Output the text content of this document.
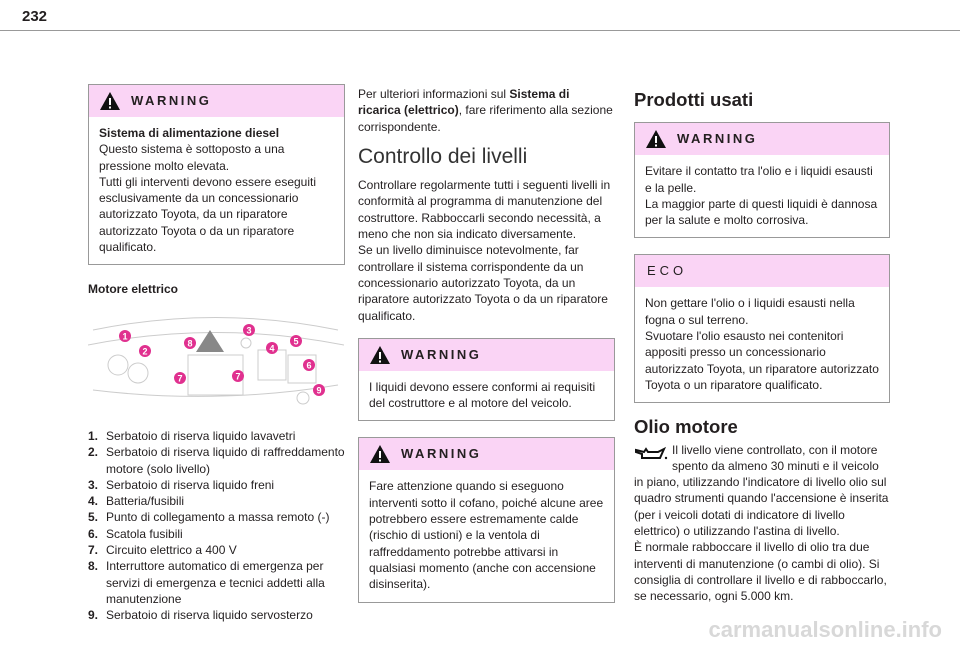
232
WARNING

Sistema di alimentazione diesel

Questo sistema è sottoposto a una pressione molto elevata.

Tutti gli interventi devono essere eseguiti esclusivamente da un concessionario autorizzato Toyota, da un riparatore autorizzato Toyota o da un riparatore qualificato.

Motore elettrico

1
2
3
4
5
6
7	7
8
9
1. Serbatoio di riserva liquido lavavetri
2. Serbatoio di riserva liquido di raffreddamento motore (solo livello)
3. Serbatoio di riserva liquido freni
4. Batteria/fusibili
5. Punto di collegamento a massa remoto (-)
6. Scatola fusibili
7. Circuito elettrico a 400 V
8. Interruttore automatico di emergenza per servizi di emergenza e tecnici addetti alla manutenzione
9. Serbatoio di riserva liquido servosterzo

Per ulteriori informazioni sul Sistema di ricarica (elettrico), fare riferimento alla sezione corrispondente.

Controllo dei livelli

Controllare regolarmente tutti i seguenti livelli in conformità al programma di manutenzione del costruttore. Rabboccarli secondo necessità, a meno che non sia indicato diversamente.

Se un livello diminuisce notevolmente, far controllare il sistema corrispondente da un concessionario autorizzato Toyota, da un riparatore autorizzato Toyota o da un riparatore qualificato.

WARNING

I liquidi devono essere conformi ai requisiti del costruttore e al motore del veicolo.

WARNING

Fare attenzione quando si eseguono interventi sotto il cofano, poiché alcune aree potrebbero essere estremamente calde (rischio di ustioni) e la ventola di raffreddamento potrebbe attivarsi in qualsiasi momento (anche con accensione disinserita).

Prodotti usati
WARNING

Evitare il contatto tra l'olio e i liquidi esausti e la pelle.

La maggior parte di questi liquidi è dannosa per la salute e molto corrosiva.

ECO

Non gettare l'olio o i liquidi esausti nella fogna o sul terreno.

Svuotare l'olio esausto nei contenitori appositi presso un concessionario autorizzato Toyota, un riparatore autorizzato Toyota o un riparatore qualificato.

Olio motore

Il livello viene controllato, con il motore spento da almeno 30 minuti e il veicolo in piano, utilizzando l'indicatore di livello olio sul quadro strumenti quando l'accensione è inserita (per i veicoli dotati di indicatore di livello elettrico) o utilizzando l'astina di livello.

È normale rabboccare il livello di olio tra due interventi di manutenzione (o cambi di olio). Si consiglia di controllare il livello e di rabboccarlo, se necessario, ogni 5.000 km.

carmanualsonline.info
